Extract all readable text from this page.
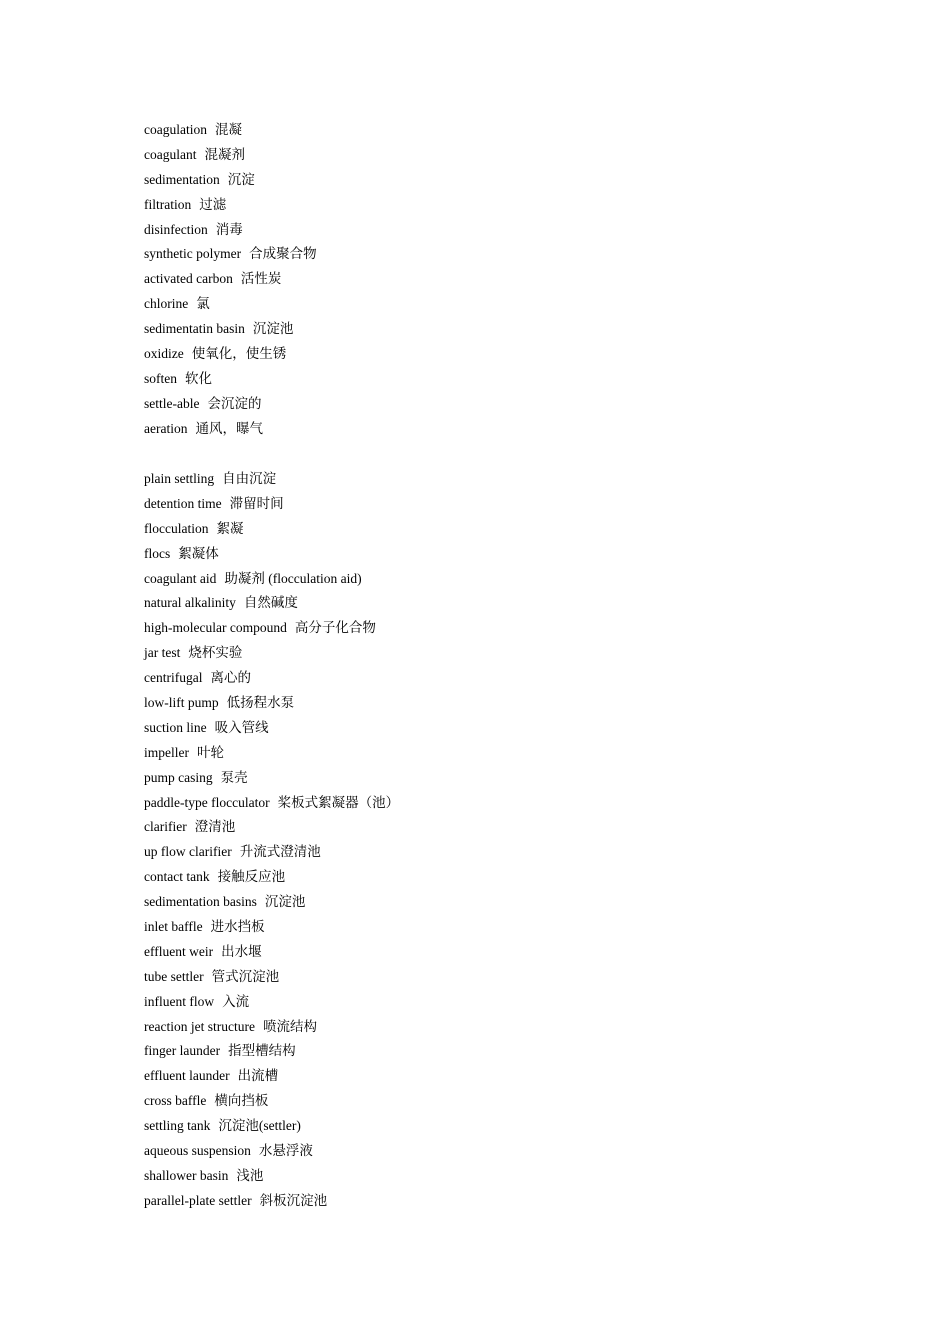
coagulation 混凝
coagulant 混凝剂
sedimentation 沉淀
filtration 过滤
disinfection 消毒
synthetic polymer 合成聚合物
activated carbon 活性炭
chlorine 氯
sedimentatin basin 沉淀池
oxidize 使氧化，使生锈
soften 软化
settle-able 会沉淀的
aeration 通风，曝气
plain settling 自由沉淀
detention time 滞留时间
flocculation 絮凝
flocs 絮凝体
coagulant aid 助凝剂 (flocculation aid)
natural alkalinity 自然碱度
high-molecular compound 高分子化合物
jar test 烧杯实验
centrifugal 离心的
low-lift pump 低扬程水泵
suction line 吸入管线
impeller 叶轮
pump casing 泵壳
paddle-type flocculator 桨板式絮凝器（池）
clarifier 澄清池
up flow clarifier 升流式澄清池
contact tank 接触反应池
sedimentation basins 沉淀池
inlet baffle 进水挡板
effluent weir 出水堰
tube settler 管式沉淀池
influent flow 入流
reaction jet structure 喷流结构
finger launder 指型槽结构
effluent launder 出流槽
cross baffle 横向挡板
settling tank 沉淀池(settler)
aqueous suspension 水悬浮液
shallower basin 浅池
parallel-plate settler 斜板沉淀池
